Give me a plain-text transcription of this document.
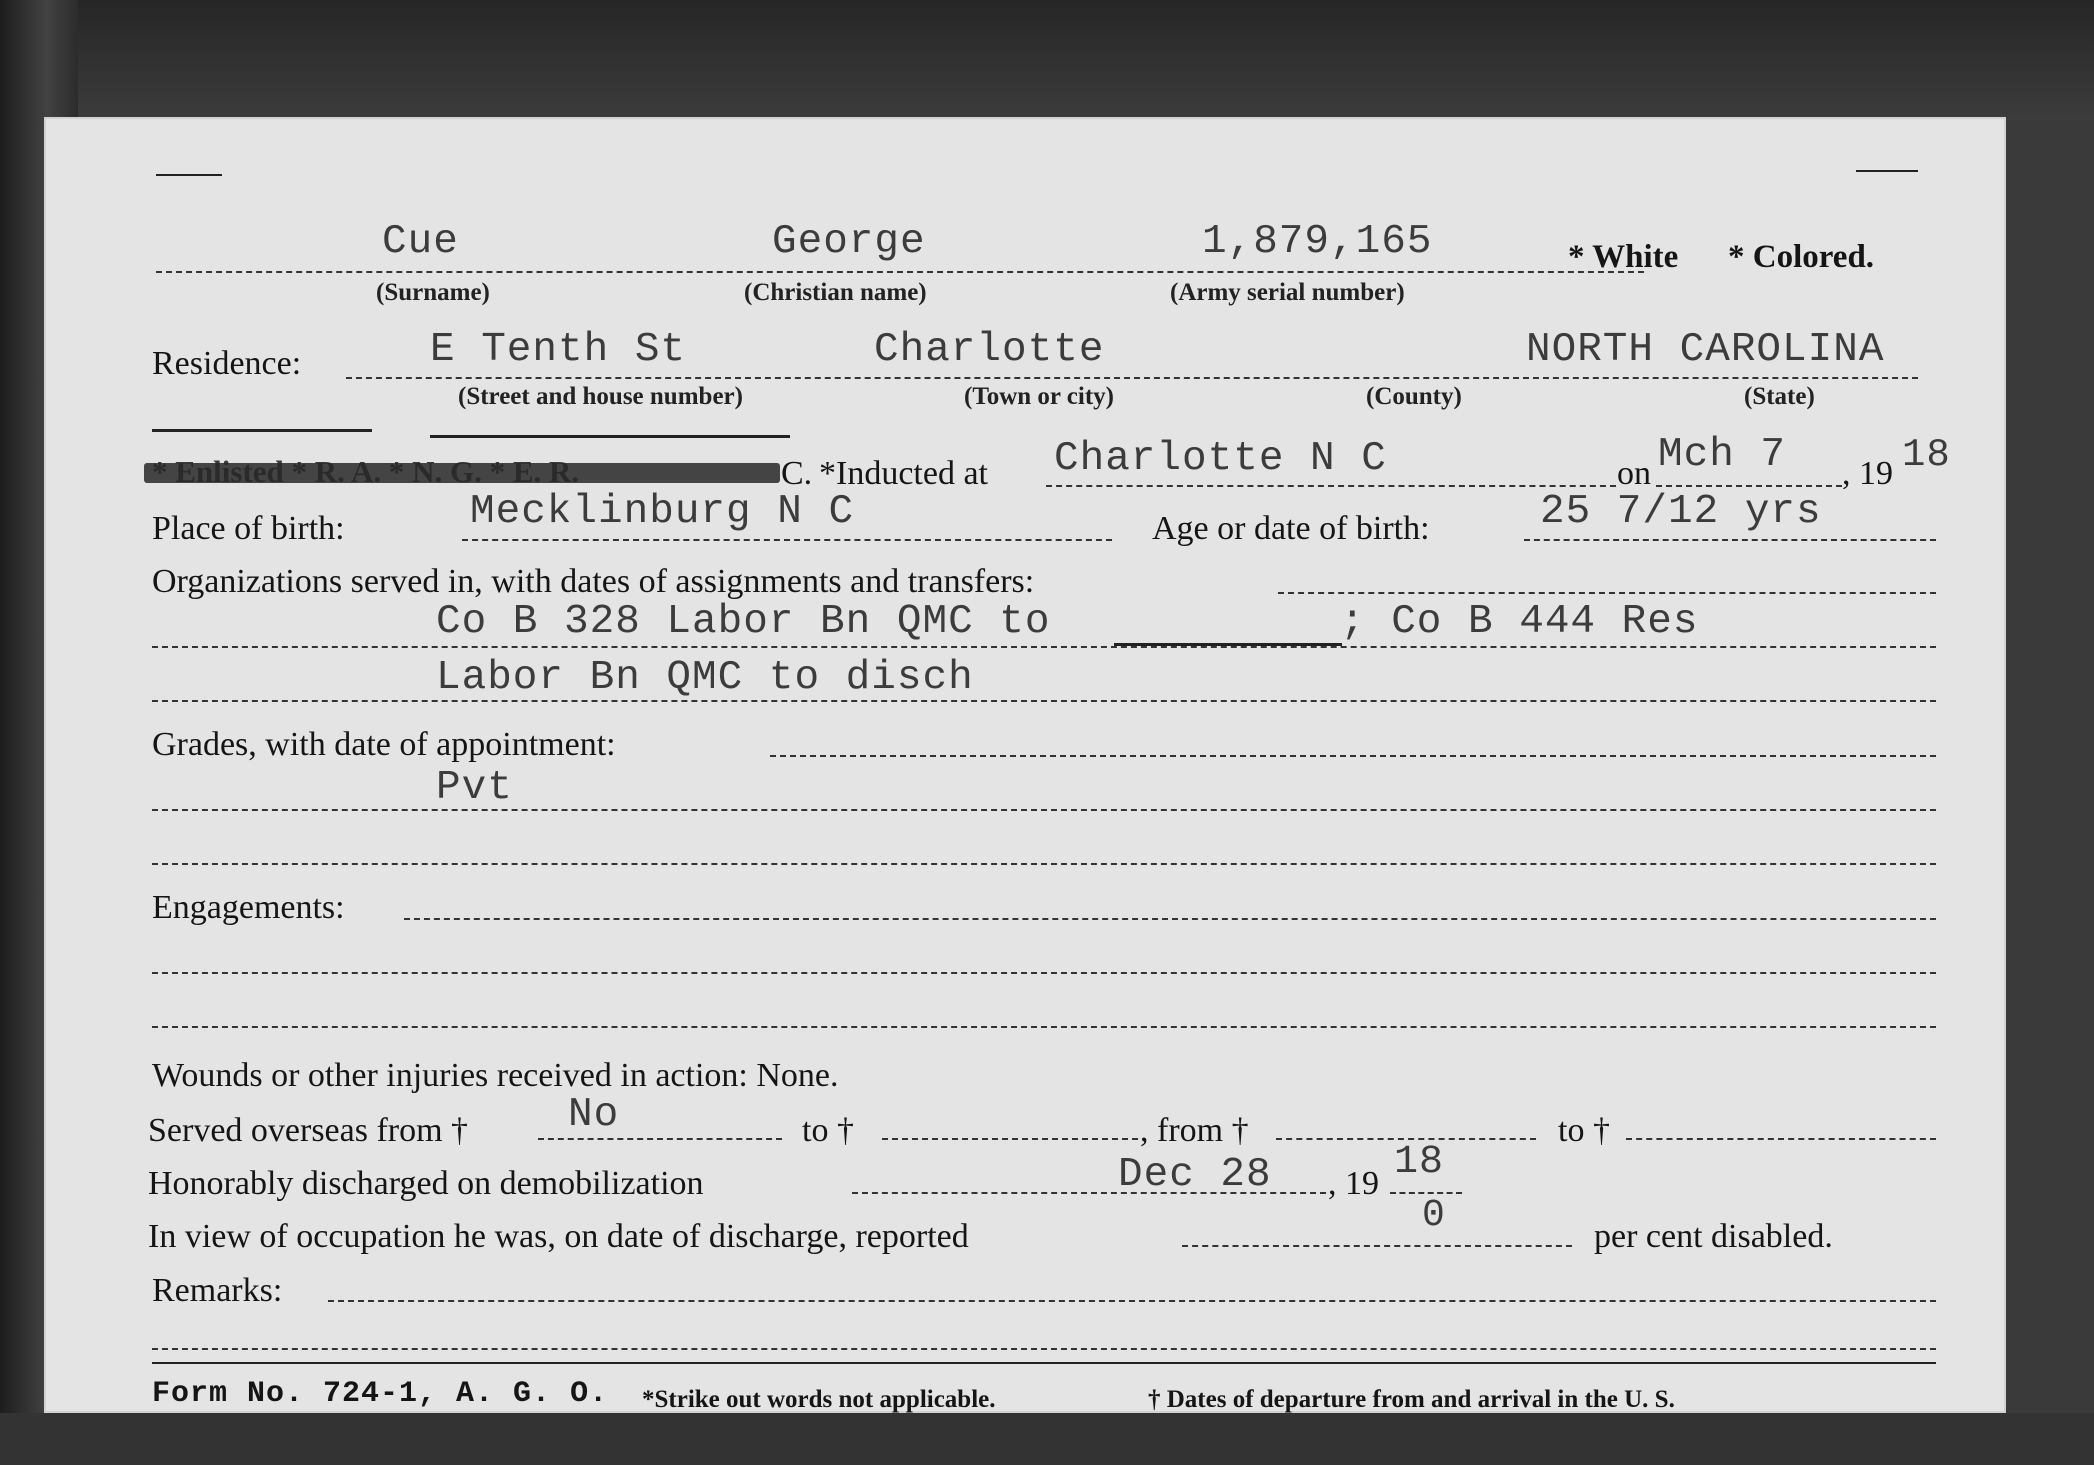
Cue	George	1,879,165	* White * Colored.
(Surname)	(Christian name)	(Army serial number)
Residence:	E Tenth St	Charlotte	NORTH CAROLINA
(Street and house number)	(Town or city)	(County)	(State)
C. *Inducted at Charlotte N C	on Mch 7 , 19 18
Place of birth:	Mecklinburg N C	Age or date of birth:	25 7/12 yrs
Organizations served in, with dates of assignments and transfers:
Co B 328 Labor Bn QMC to	; Co B 444 Res
Labor Bn QMC to disch
Grades, with date of appointment:
Pvt
Engagements:
Wounds or other injuries received in action: None.
Served overseas from † No	to †	, from †	to †
Honorably discharged on demobilization	Dec 28 , 19 18
In view of occupation he was, on date of discharge, reported	0	per cent disabled.
Remarks:
Form No. 724-1, A. G. O. *Strike out words not applicable.	† Dates of departure from and arrival in the U. S.
